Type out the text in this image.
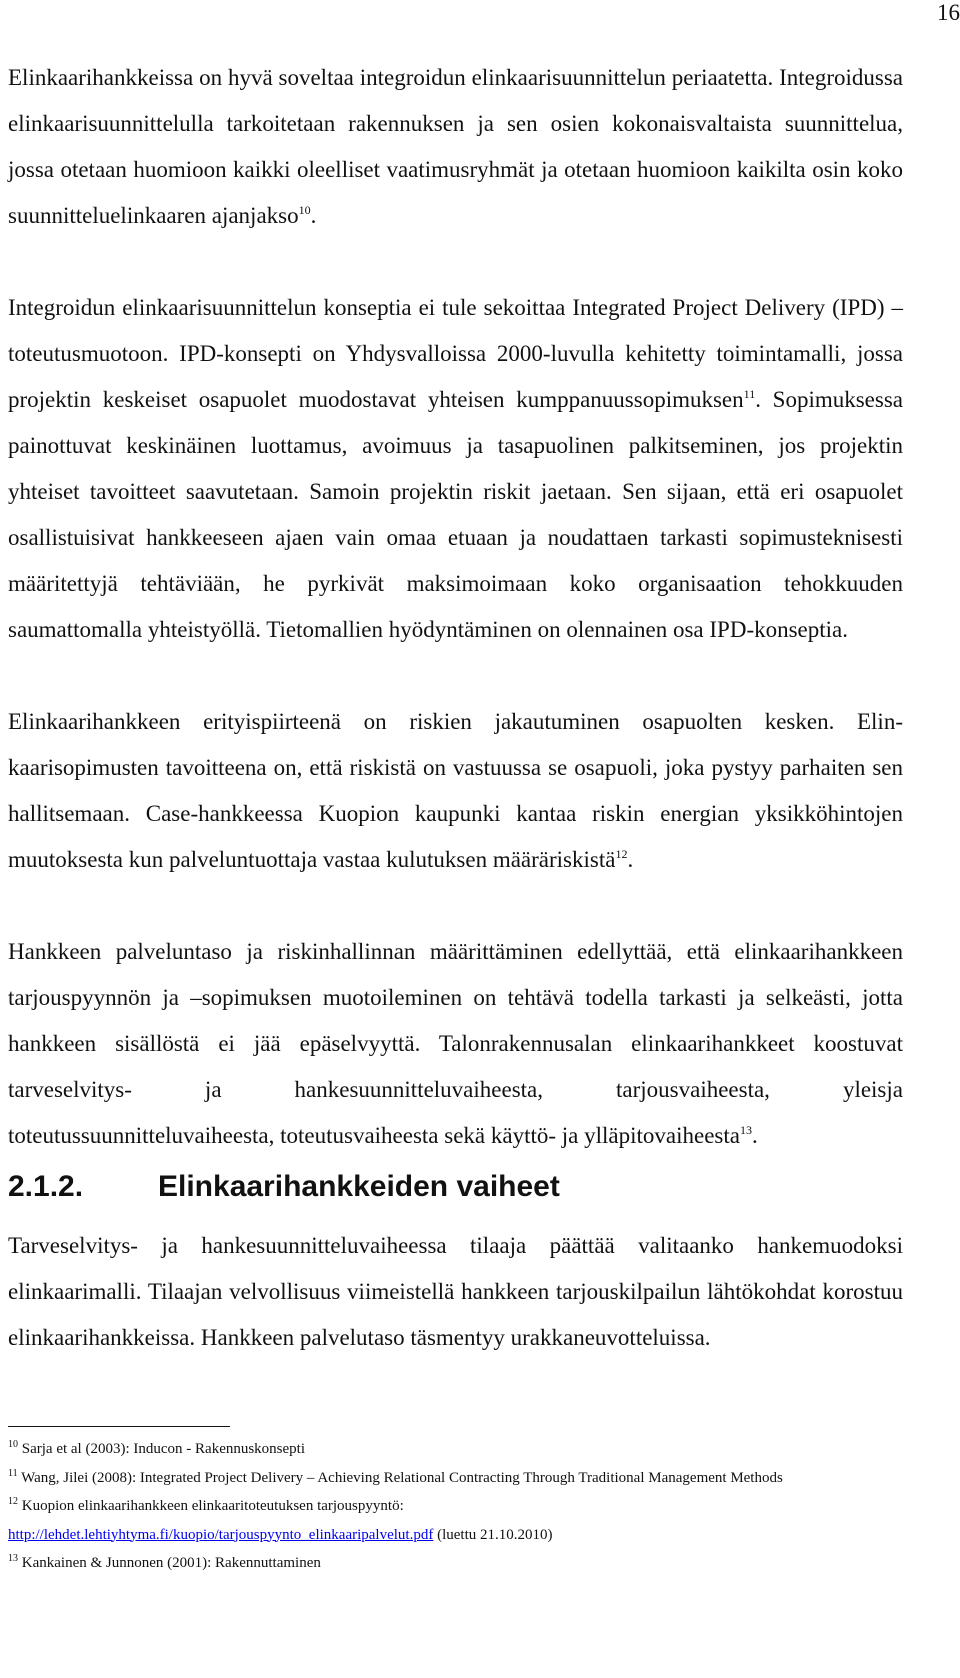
16

Elinkaarihankkeissa on hyvä soveltaa integroidun elinkaarisuunnittelun periaatetta. Integroidussa elinkaarisuunnittelulla tarkoitetaan rakennuksen ja sen osien kokonaisvaltaista suunnittelua, jossa otetaan huomioon kaikki oleelliset vaatimusryhmät ja otetaan huomioon kaikilta osin koko suunnitteluelinkaaren ajanjakso$^{10}$.

Integroidun elinkaarisuunnittelun konseptia ei tule sekoittaa Integrated Project Delivery (IPD) –toteutusmuotoon. IPD-konsepti on Yhdysvalloissa 2000-luvulla kehitetty toimintamalli, jossa projektin keskeiset osapuolet muodostavat yhteisen kumppanuussopimuksen$^{11}$. Sopimuksessa painottuvat keskinäinen luottamus, avoimuus ja tasapuolinen palkitseminen, jos projektin yhteiset tavoitteet saavutetaan. Samoin projektin riskit jaetaan. Sen sijaan, että eri osapuolet osallistuisivat hankkeeseen ajaen vain omaa etuaan ja noudattaen tarkasti sopimusteknisesti määritettyjä tehtäviään, he pyrkivät maksimoimaan koko organisaation tehokkuuden saumattomalla yhteistyöllä. Tietomallien hyödyntäminen on olennainen osa IPD-konseptia.

Elinkaarihankkeen erityispiirteenä on riskien jakautuminen osapuolten kesken. Elinkaarisopimusten tavoitteena on, että riskistä on vastuussa se osapuoli, joka pystyy parhaiten sen hallitsemaan. Case-hankkeessa Kuopion kaupunki kantaa riskin energian yksikköhintojen muutoksesta kun palveluntuottaja vastaa kulutuksen määräriskistä$^{12}$.

Hankkeen palveluntaso ja riskinhallinnan määrittäminen edellyttää, että elinkaarihankkeen tarjouspyynnön ja –sopimuksen muotoileminen on tehtävä todella tarkasti ja selkeästi, jotta hankkeen sisällöstä ei jää epäselvyyttä. Talonrakennusalan elinkaarihankkeet koostuvat tarveselvitys- ja hankesuunnitteluvaiheesta, tarjousvaiheesta, yleisja toteutussuunnitteluvaiheesta, toteutusvaiheesta sekä käyttö- ja ylläpitovaiheesta$^{13}$.

2.1.2. Elinkaarihankkeiden vaiheet

Tarveselvitys- ja hankesuunnitteluvaiheessa tilaaja päättää valitaanko hankemuodoksi elinkaarimalli. Tilaajan velvollisuus viimeistellä hankkeen tarjouskilpailun lähtökohdat korostuu elinkaarihankkeissa. Hankkeen palvelutaso täsmentyy urakkaneuvotteluissa.

$^{10}$ Sarja et al (2003): Inducon - Rakennuskonsepti
$^{11}$ Wang, Jilei (2008): Integrated Project Delivery – Achieving Relational Contracting Through Traditional Management Methods
$^{12}$ Kuopion elinkaarihankkeen elinkaaritoteutuksen tarjouspyyntö:
http://lehdet.lehtiyhtyma.fi/kuopio/tarjouspyynto_elinkaaripalvelut.pdf (luettu 21.10.2010)
$^{13}$ Kankainen & Junnonen (2001): Rakennuttaminen
